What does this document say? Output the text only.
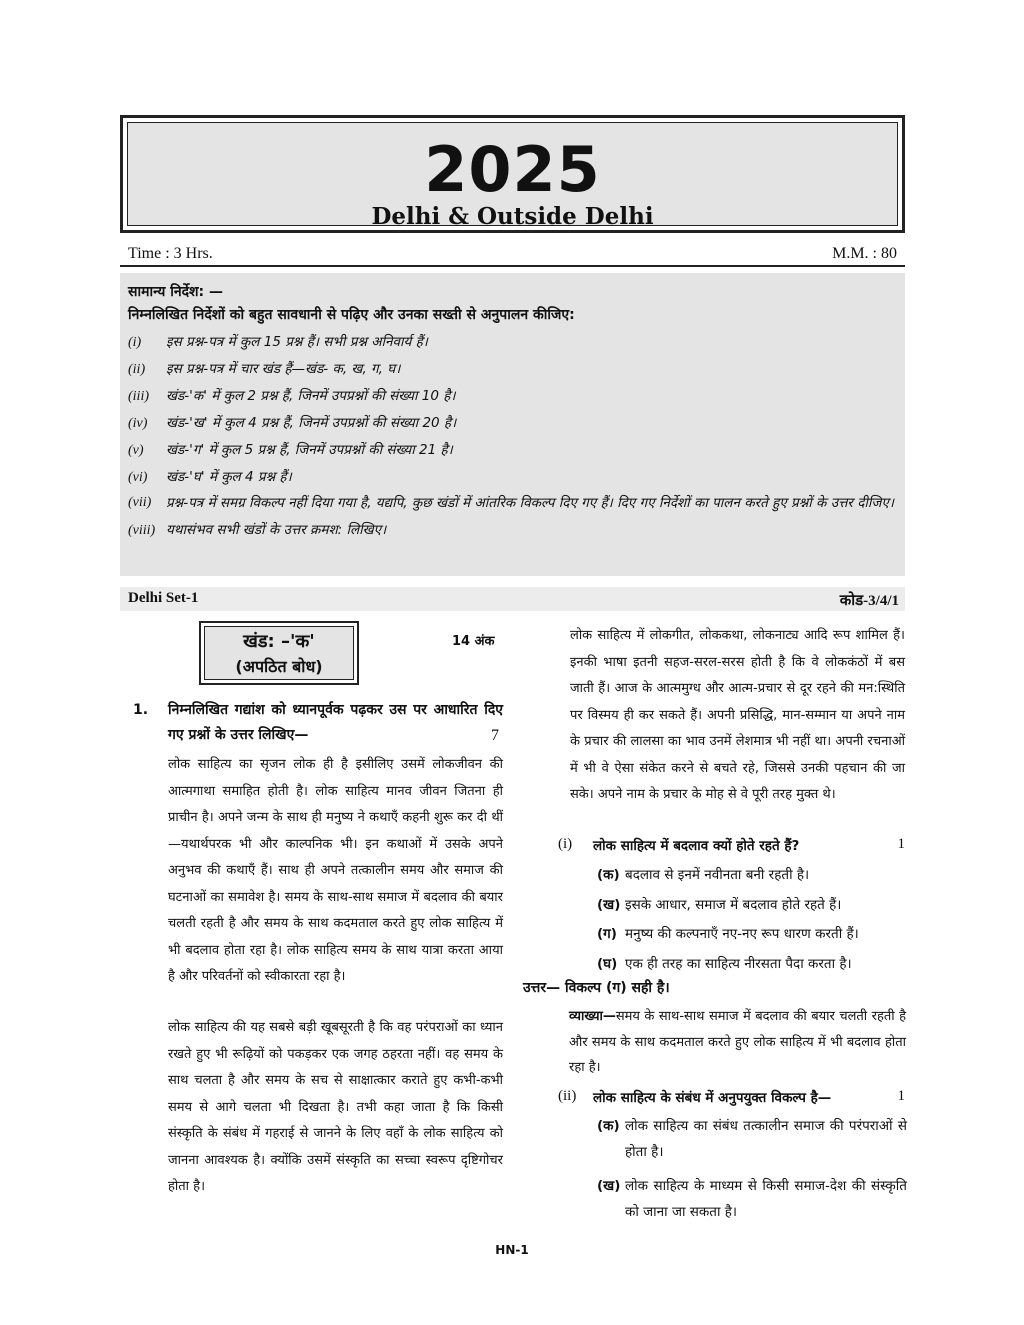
2025
Delhi & Outside Delhi
Time : 3 Hrs.	M.M. : 80
सामान्य निर्देश: —
निम्नलिखित निर्देशों को बहुत सावधानी से पढ़िए और उनका सख्ती से अनुपालन कीजिए:
(i) इस प्रश्न-पत्र में कुल 15 प्रश्न हैं। सभी प्रश्न अनिवार्य हैं।
(ii) इस प्रश्न-पत्र में चार खंड हैं—खंड- क, ख, ग, घ।
(iii) खंड-'क' में कुल 2 प्रश्न हैं, जिनमें उपप्रश्नों की संख्या 10 है।
(iv) खंड-'ख' में कुल 4 प्रश्न हैं, जिनमें उपप्रश्नों की संख्या 20 है।
(v) खंड-'ग' में कुल 5 प्रश्न हैं, जिनमें उपप्रश्नों की संख्या 21 है।
(vi) खंड-'घ' में कुल 4 प्रश्न हैं।
(vii) प्रश्न-पत्र में समग्र विकल्प नहीं दिया गया है, यद्यपि, कुछ खंडों में आंतरिक विकल्प दिए गए हैं। दिए गए निर्देशों का पालन करते हुए प्रश्नों के उत्तर दीजिए।
(viii) यथासंभव सभी खंडों के उत्तर क्रमश: लिखिए।
Delhi Set-1	कोड-3/4/1
खंड: –'क'
(अपठित बोध)
14 अंक
1.	निम्नलिखित गद्यांश को ध्यानपूर्वक पढ़कर उस पर आधारित दिए गए प्रश्नों के उत्तर लिखिए—	7
लोक साहित्य का सृजन लोक ही है इसीलिए उसमें लोकजीवन की आत्मगाथा समाहित होती है। लोक साहित्य मानव जीवन जितना ही प्राचीन है। अपने जन्म के साथ ही मनुष्य ने कथाएँ कहनी शुरू कर दी थीं—यथार्थपरक भी और काल्पनिक भी। इन कथाओं में उसके अपने अनुभव की कथाएँ हैं। साथ ही अपने तत्कालीन समय और समाज की घटनाओं का समावेश है। समय के साथ-साथ समाज में बदलाव की बयार चलती रहती है और समय के साथ कदमताल करते हुए लोक साहित्य में भी बदलाव होता रहा है। लोक साहित्य समय के साथ यात्रा करता आया है और परिवर्तनों को स्वीकारता रहा है।
लोक साहित्य की यह सबसे बड़ी खूबसूरती है कि वह परंपराओं का ध्यान रखते हुए भी रूढ़ियों को पकड़कर एक जगह ठहरता नहीं। वह समय के साथ चलता है और समय के सच से साक्षात्कार कराते हुए कभी-कभी समय से आगे चलता भी दिखता है। तभी कहा जाता है कि किसी संस्कृति के संबंध में गहराई से जानने के लिए वहाँ के लोक साहित्य को जानना आवश्यक है। क्योंकि उसमें संस्कृति का सच्चा स्वरूप दृष्टिगोचर होता है।
लोक साहित्य में लोकगीत, लोककथा, लोकनाट्य आदि रूप शामिल हैं। इनकी भाषा इतनी सहज-सरल-सरस होती है कि वे लोककंठों में बस जाती हैं। आज के आत्ममुग्ध और आत्म-प्रचार से दूर रहने की मन:स्थिति पर विस्मय ही कर सकते हैं। अपनी प्रसिद्धि, मान-सम्मान या अपने नाम के प्रचार की लालसा का भाव उनमें लेशमात्र भी नहीं था। अपनी रचनाओं में भी वे ऐसा संकेत करने से बचते रहे, जिससे उनकी पहचान की जा सके। अपने नाम के प्रचार के मोह से वे पूरी तरह मुक्त थे।
(i) लोक साहित्य में बदलाव क्यों होते रहते हैं?	1
(क) बदलाव से इनमें नवीनता बनी रहती है।
(ख) इसके आधार, समाज में बदलाव होते रहते हैं।
(ग) मनुष्य की कल्पनाएँ नए-नए रूप धारण करती हैं।
(घ) एक ही तरह का साहित्य नीरसता पैदा करता है।
उत्तर— विकल्प (ग) सही है।
व्याख्या—समय के साथ-साथ समाज में बदलाव की बयार चलती रहती है और समय के साथ कदमताल करते हुए लोक साहित्य में भी बदलाव होता रहा है।
(ii) लोक साहित्य के संबंध में अनुपयुक्त विकल्प है—	1
(क) लोक साहित्य का संबंध तत्कालीन समाज की परंपराओं से होता है।
(ख) लोक साहित्य के माध्यम से किसी समाज-देश की संस्कृति को जाना जा सकता है।
HN-1
